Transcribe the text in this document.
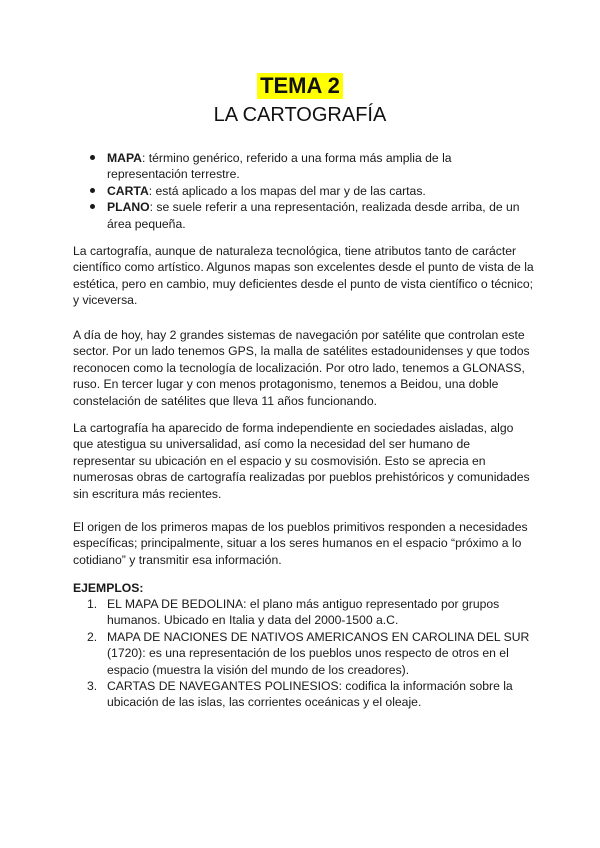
TEMA 2
LA CARTOGRAFÍA
MAPA: término genérico, referido a una forma más amplia de la representación terrestre.
CARTA: está aplicado a los mapas del mar y de las cartas.
PLANO: se suele referir a una representación, realizada desde arriba, de un área pequeña.

La cartografía, aunque de naturaleza tecnológica, tiene atributos tanto de carácter científico como artístico. Algunos mapas son excelentes desde el punto de vista de la estética, pero en cambio, muy deficientes desde el punto de vista científico o técnico; y viceversa.

A día de hoy, hay 2 grandes sistemas de navegación por satélite que controlan este sector. Por un lado tenemos GPS, la malla de satélites estadounidenses y que todos reconocen como la tecnología de localización. Por otro lado, tenemos a GLONASS, ruso. En tercer lugar y con menos protagonismo, tenemos a Beidou, una doble constelación de satélites que lleva 11 años funcionando.

La cartografía ha aparecido de forma independiente en sociedades aisladas, algo que atestigua su universalidad, así como la necesidad del ser humano de representar su ubicación en el espacio y su cosmovisión. Esto se aprecia en numerosas obras de cartografía realizadas por pueblos prehistóricos y comunidades sin escritura más recientes.

El origen de los primeros mapas de los pueblos primitivos responden a necesidades específicas; principalmente, situar a los seres humanos en el espacio “próximo a lo cotidiano” y transmitir esa información.

EJEMPLOS:
1. EL MAPA DE BEDOLINA: el plano más antiguo representado por grupos humanos. Ubicado en Italia y data del 2000-1500 a.C.
2. MAPA DE NACIONES DE NATIVOS AMERICANOS EN CAROLINA DEL SUR (1720): es una representación de los pueblos unos respecto de otros en el espacio (muestra la visión del mundo de los creadores).
3. CARTAS DE NAVEGANTES POLINESIOS: codifica la información sobre la ubicación de las islas, las corrientes oceánicas y el oleaje.
